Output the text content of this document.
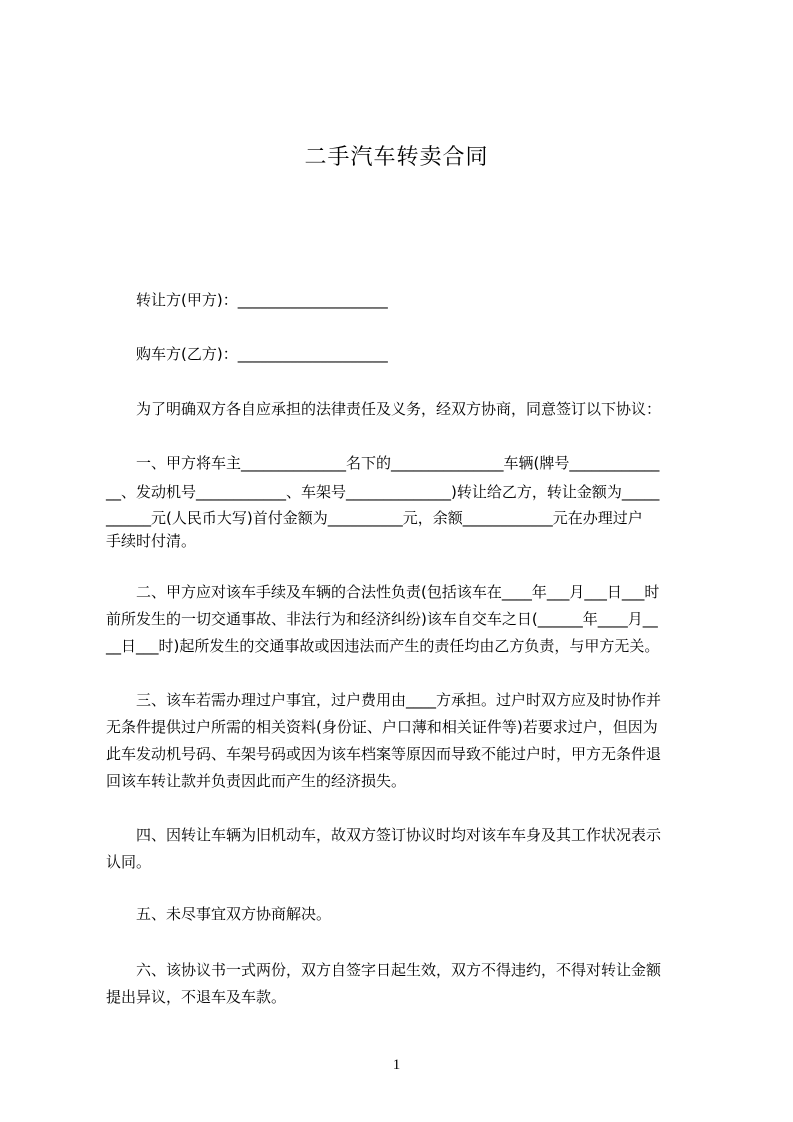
二手汽车转卖合同
转让方(甲方)：____________________
购车方(乙方)：____________________
为了明确双方各自应承担的法律责任及义务，经双方协商，同意签订以下协议：
一、甲方将车主______________名下的_______________车辆(牌号____________
__、发动机号____________、车架号______________)转让给乙方，转让金额为_____
______元(人民币大写)首付金额为__________元，余额____________元在办理过户
手续时付清。
二、甲方应对该车手续及车辆的合法性负责(包括该车在____年___月___日___时
前所发生的一切交通事故、非法行为和经济纠纷)该车自交车之日(______年____月__
__日___时)起所发生的交通事故或因违法而产生的责任均由乙方负责，与甲方无关。
三、该车若需办理过户事宜，过户费用由____方承担。过户时双方应及时协作并
无条件提供过户所需的相关资料(身份证、户口薄和相关证件等)若要求过户，但因为
此车发动机号码、车架号码或因为该车档案等原因而导致不能过户时，甲方无条件退
回该车转让款并负责因此而产生的经济损失。
四、因转让车辆为旧机动车，故双方签订协议时均对该车车身及其工作状况表示
认同。
五、未尽事宜双方协商解决。
六、该协议书一式两份，双方自签字日起生效，双方不得违约，不得对转让金额
提出异议，不退车及车款。
1
